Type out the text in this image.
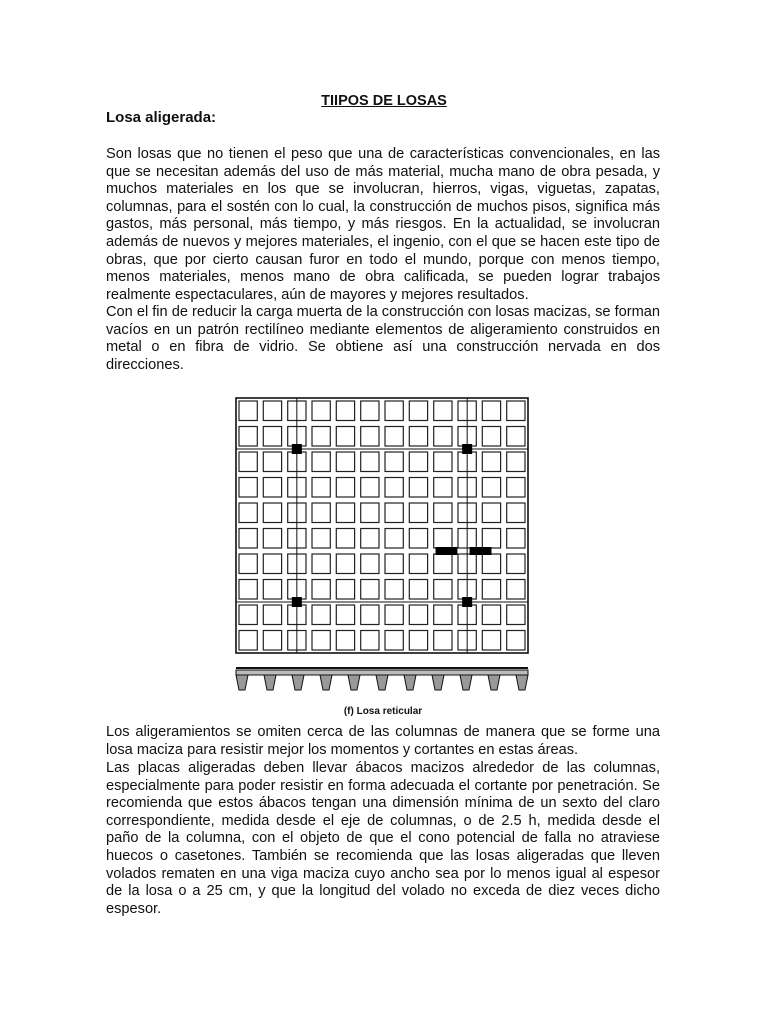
TIIPOS DE LOSAS
Losa aligerada:

Son losas que no tienen el peso que una de características convencionales, en las que se necesitan además del uso de más material, mucha mano de obra pesada, y muchos materiales en los que se involucran, hierros, vigas, viguetas, zapatas, columnas, para el sostén con lo cual, la construcción de muchos pisos, significa más gastos, más personal, más tiempo, y más riesgos. En la actualidad, se involucran además de nuevos y mejores materiales, el ingenio, con el que se hacen este tipo de obras, que por cierto causan furor en todo el mundo, porque con menos tiempo, menos materiales, menos mano de obra calificada, se pueden lograr trabajos realmente espectaculares, aún de mayores y mejores resultados.

Con el fin de reducir la carga muerta de la construcción con losas macizas, se forman vacíos en un patrón rectilíneo mediante elementos de aligeramiento construidos en metal o en fibra de vidrio. Se obtiene así una construcción nervada en dos direcciones.

(f) Losa reticular

Los aligeramientos se omiten cerca de las columnas de manera que se forme una losa maciza para resistir mejor los momentos y cortantes en estas áreas.

Las placas aligeradas deben llevar ábacos macizos alrededor de las columnas, especialmente para poder resistir en forma adecuada el cortante por penetración. Se recomienda que estos ábacos tengan una dimensión mínima de un sexto del claro correspondiente, medida desde el eje de columnas, o de 2.5 h, medida desde el paño de la columna, con el objeto de que el cono potencial de falla no atraviese huecos o casetones. También se recomienda que las losas aligeradas que lleven volados rematen en una viga maciza cuyo ancho sea por lo menos igual al espesor de la losa o a 25 cm, y que la longitud del volado no exceda de diez veces dicho espesor.
